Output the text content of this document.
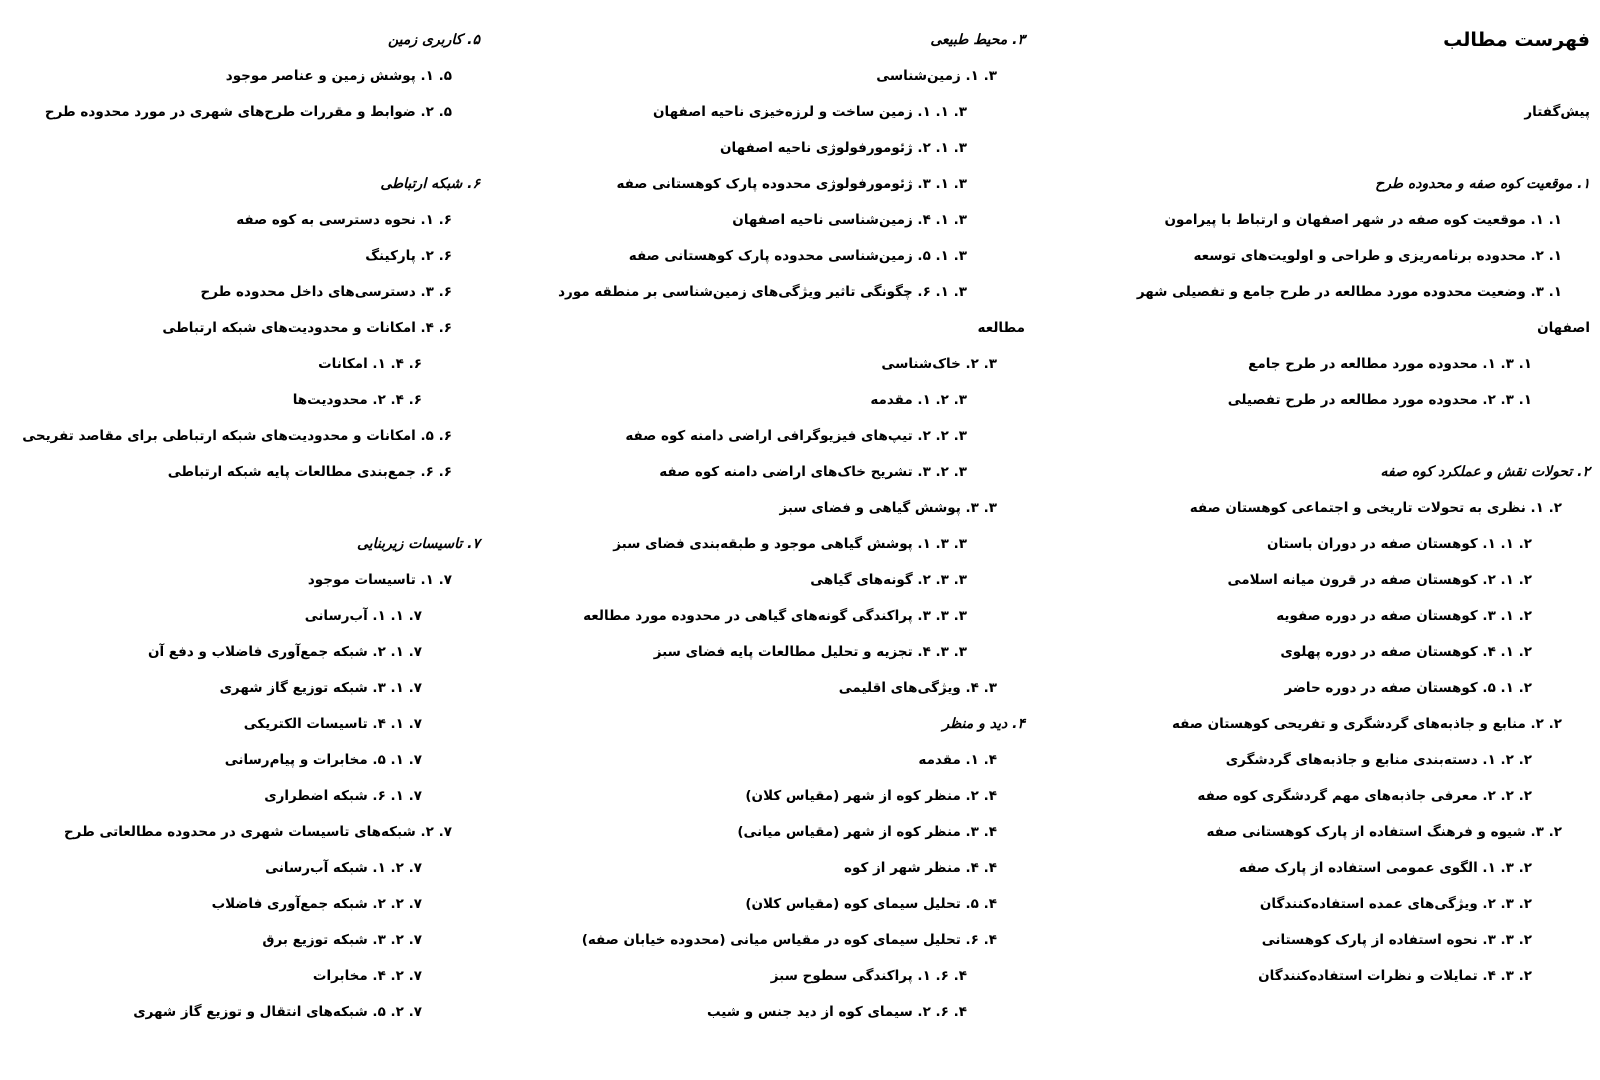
فهرست مطالب
پیش‌گفتار
۱. موقعیت کوه صفه و محدوده طرح
۱. ۱. موقعیت کوه صفه در شهر اصفهان و ارتباط با پیرامون
۱. ۲. محدوده برنامه‌ریزی و طراحی و اولویت‌های توسعه
۱. ۳. وضعیت محدوده مورد مطالعه در طرح جامع و تفصیلی شهر
اصفهان
۱. ۳. ۱. محدوده مورد مطالعه در طرح جامع
۱. ۳. ۲. محدوده مورد مطالعه در طرح تفصیلی
۲. تحولات نقش و عملکرد کوه صفه
۲. ۱. نظری به تحولات تاریخی و اجتماعی کوهستان صفه
۲. ۱. ۱. کوهستان صفه در دوران باستان
۲. ۱. ۲. کوهستان صفه در قرون میانه اسلامی
۲. ۱. ۳. کوهستان صفه در دوره صفویه
۲. ۱. ۴. کوهستان صفه در دوره پهلوی
۲. ۱. ۵. کوهستان صفه در دوره حاضر
۲. ۲. منابع و جاذبه‌های گردشگری و تفریحی کوهستان صفه
۲. ۲. ۱. دسته‌بندی منابع و جاذبه‌های گردشگری
۲. ۲. ۲. معرفی جاذبه‌های مهم گردشگری کوه صفه
۲. ۳. شیوه و فرهنگ استفاده از پارک کوهستانی صفه
۲. ۳. ۱. الگوی عمومی استفاده از پارک صفه
۲. ۳. ۲. ویژگی‌های عمده استفاده‌کنندگان
۲. ۳. ۳. نحوه استفاده از پارک کوهستانی
۲. ۳. ۴. تمایلات و نظرات استفاده‌کنندگان
۳. محیط طبیعی
۳. ۱. زمین‌شناسی
۳. ۱. ۱. زمین ساخت و لرزه‌خیزی ناحیه اصفهان
۳. ۱. ۲. ژئومورفولوژی ناحیه اصفهان
۳. ۱. ۳. ژئومورفولوژی محدوده پارک کوهستانی صفه
۳. ۱. ۴. زمین‌شناسی ناحیه اصفهان
۳. ۱. ۵. زمین‌شناسی محدوده پارک کوهستانی صفه
۳. ۱. ۶. چگونگی تاثیر ویژگی‌های زمین‌شناسی بر منطقه مورد
مطالعه
۳. ۲. خاک‌شناسی
۳. ۲. ۱. مقدمه
۳. ۲. ۲. تیپ‌های فیزیوگرافی اراضی دامنه کوه صفه
۳. ۲. ۳. تشریح خاک‌های اراضی دامنه کوه صفه
۳. ۳. پوشش گیاهی و فضای سبز
۳. ۳. ۱. پوشش گیاهی موجود و طبقه‌بندی فضای سبز
۳. ۳. ۲. گونه‌های گیاهی
۳. ۳. ۳. پراکندگی گونه‌های گیاهی در محدوده مورد مطالعه
۳. ۳. ۴. تجزیه و تحلیل مطالعات پایه فضای سبز
۳. ۴. ویژگی‌های اقلیمی
۴. دید و منظر
۴. ۱. مقدمه
۴. ۲. منظر کوه از شهر (مقیاس کلان)
۴. ۳. منظر کوه از شهر (مقیاس میانی)
۴. ۴. منظر شهر از کوه
۴. ۵. تحلیل سیمای کوه (مقیاس کلان)
۴. ۶. تحلیل سیمای کوه در مقیاس میانی (محدوده خیابان صفه)
۴. ۶. ۱. پراکندگی سطوح سبز
۴. ۶. ۲. سیمای کوه از دید جنس و شیب
۵. کاربری زمین
۵. ۱. پوشش زمین و عناصر موجود
۵. ۲. ضوابط و مقررات طرح‌های شهری در مورد محدوده طرح
۶. شبکه ارتباطی
۶. ۱. نحوه دسترسی به کوه صفه
۶. ۲. پارکینگ
۶. ۳. دسترسی‌های داخل محدوده طرح
۶. ۴. امکانات و محدودیت‌های شبکه ارتباطی
۶. ۴. ۱. امکانات
۶. ۴. ۲. محدودیت‌ها
۶. ۵. امکانات و محدودیت‌های شبکه ارتباطی برای مقاصد تفریحی
۶. ۶. جمع‌بندی مطالعات پایه شبکه ارتباطی
۷. تاسیسات زیربنایی
۷. ۱. تاسیسات موجود
۷. ۱. ۱. آب‌رسانی
۷. ۱. ۲. شبکه جمع‌آوری فاضلاب و دفع آن
۷. ۱. ۳. شبکه توزیع گاز شهری
۷. ۱. ۴. تاسیسات الکتریکی
۷. ۱. ۵. مخابرات و پیام‌رسانی
۷. ۱. ۶. شبکه اضطراری
۷. ۲. شبکه‌های تاسیسات شهری در محدوده مطالعاتی طرح
۷. ۲. ۱. شبکه آب‌رسانی
۷. ۲. ۲. شبکه جمع‌آوری فاضلاب
۷. ۲. ۳. شبکه توزیع برق
۷. ۲. ۴. مخابرات
۷. ۲. ۵. شبکه‌های انتقال و توزیع گاز شهری
